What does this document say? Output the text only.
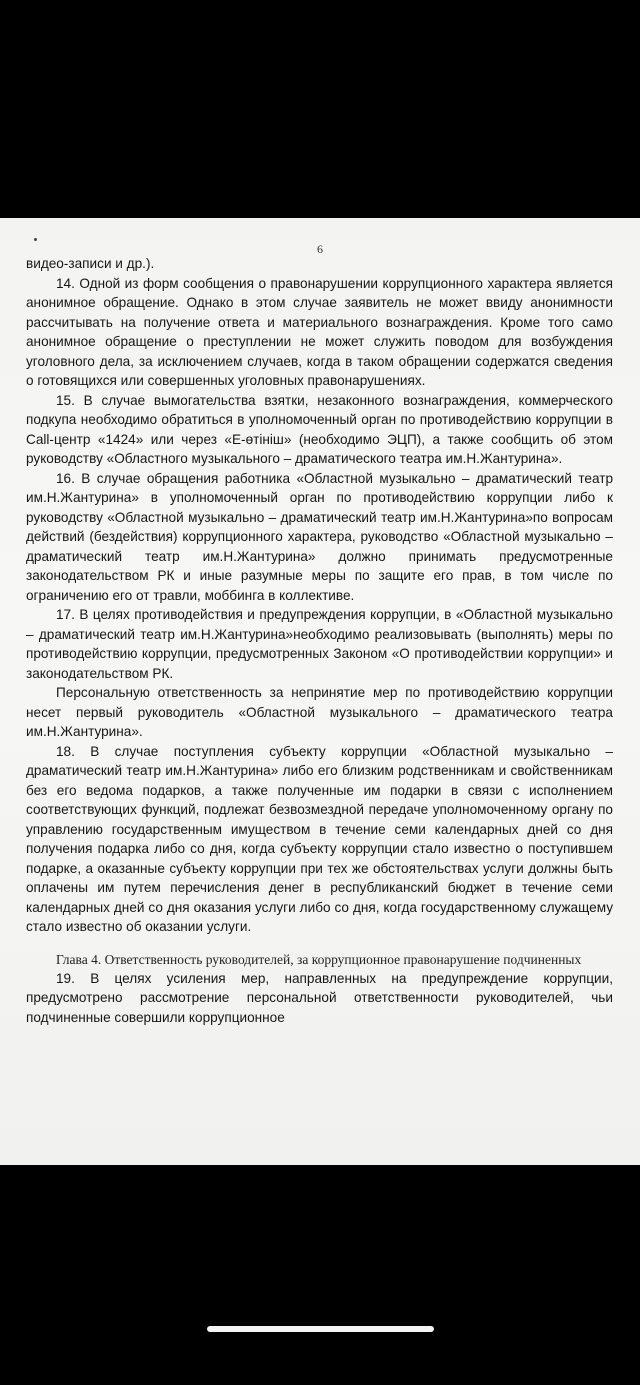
6

видео-записи и др.).

14. Одной из форм сообщения о правонарушении коррупционного характера является анонимное обращение. Однако в этом случае заявитель не может ввиду анонимности рассчитывать на получение ответа и материального вознаграждения. Кроме того само анонимное обращение о преступлении не может служить поводом для возбуждения уголовного дела, за исключением случаев, когда в таком обращении содержатся сведения о готовящихся или совершенных уголовных правонарушениях.

15. В случае вымогательства взятки, незаконного вознаграждения, коммерческого подкупа необходимо обратиться в уполномоченный орган по противодействию коррупции в Call-центр «1424» или через «Е-өтініш» (необходимо ЭЦП), а также сообщить об этом руководству «Областного музыкального – драматического театра им.Н.Жантурина».

16. В случае обращения работника «Областной музыкально – драматический театр им.Н.Жантурина» в уполномоченный орган по противодействию коррупции либо к руководству «Областной музыкально – драматический театр им.Н.Жантурина»по вопросам действий (бездействия) коррупционного характера, руководство «Областной музыкально – драматический театр им.Н.Жантурина» должно принимать предусмотренные законодательством РК и иные разумные меры по защите его прав, в том числе по ограничению его от травли, моббинга в коллективе.

17. В целях противодействия и предупреждения коррупции, в «Областной музыкально – драматический театр им.Н.Жантурина»необходимо реализовывать (выполнять) меры по противодействию коррупции, предусмотренных Законом «О противодействии коррупции» и законодательством РК.

Персональную ответственность за непринятие мер по противодействию коррупции несет первый руководитель «Областной музыкального – драматического театра им.Н.Жантурина».

18. В случае поступления субъекту коррупции «Областной музыкально – драматический театр им.Н.Жантурина» либо его близким родственникам и свойственникам без его ведома подарков, а также полученные им подарки в связи с исполнением соответствующих функций, подлежат безвозмездной передаче уполномоченному органу по управлению государственным имуществом в течение семи календарных дней со дня получения подарка либо со дня, когда субъекту коррупции стало известно о поступившем подарке, а оказанные субъекту коррупции при тех же обстоятельствах услуги должны быть оплачены им путем перечисления денег в республиканский бюджет в течение семи календарных дней со дня оказания услуги либо со дня, когда государственному служащему стало известно об оказании услуги.

Глава 4. Ответственность руководителей, за коррупционное правонарушение подчиненных

19. В целях усиления мер, направленных на предупреждение коррупции, предусмотрено рассмотрение персональной ответственности руководителей, чьи подчиненные совершили коррупционное
